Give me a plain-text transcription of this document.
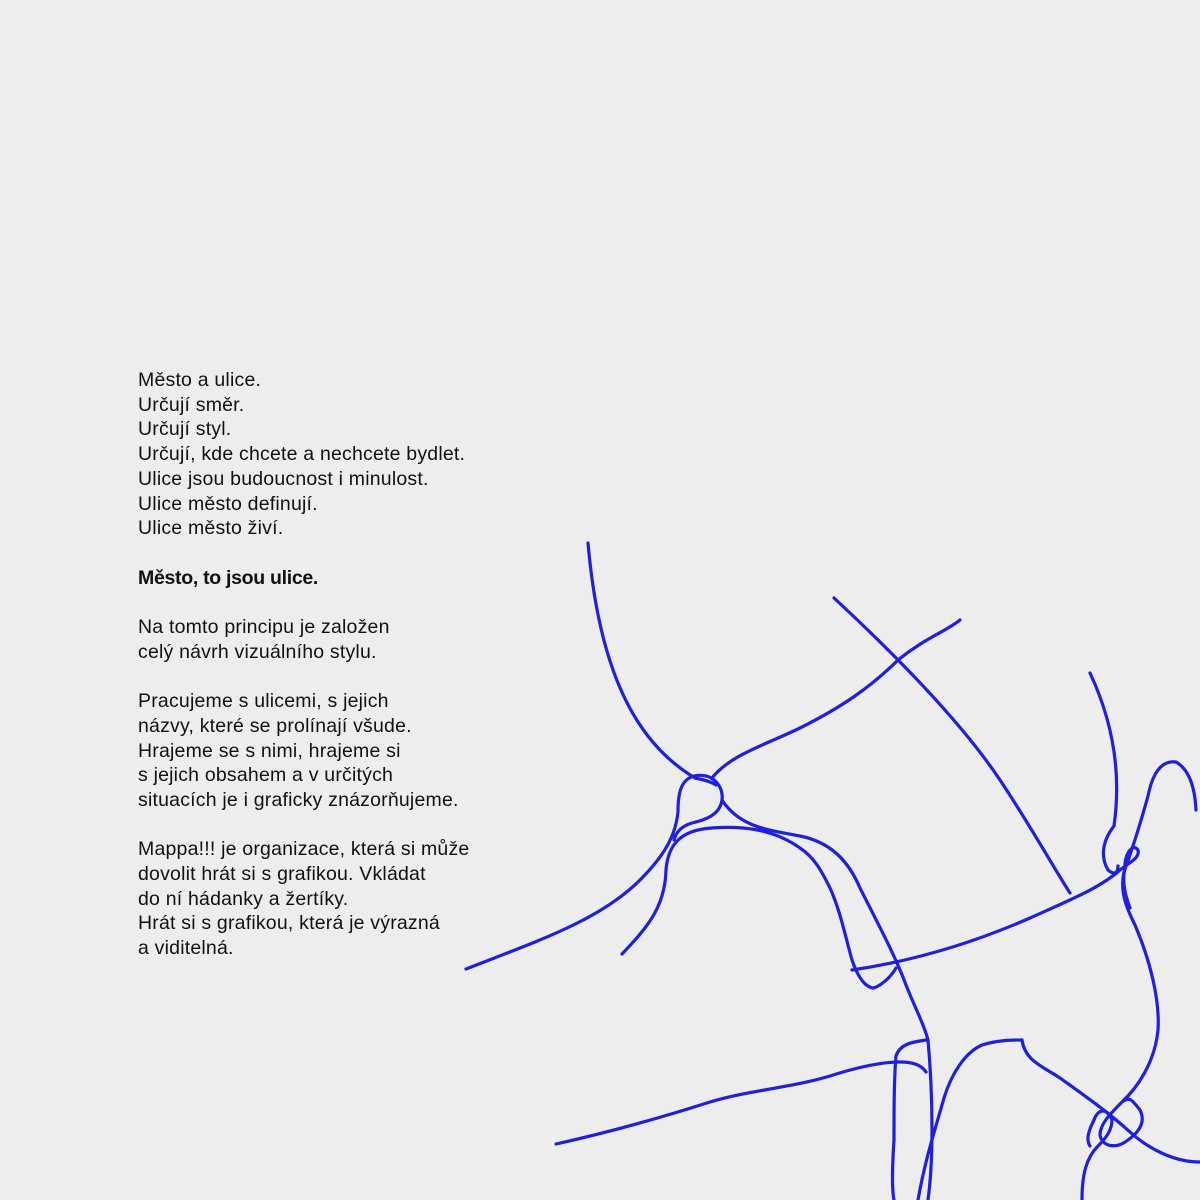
Město a ulice.
Určují směr.
Určují styl.
Určují, kde chcete a nechcete bydlet.
Ulice jsou budoucnost i minulost.
Ulice město definují.
Ulice město živí.
Město, to jsou ulice.
Na tomto principu je založen
celý návrh vizuálního stylu.
Pracujeme s ulicemi, s jejich
názvy, které se prolínají všude.
Hrajeme se s nimi, hrajeme si
s jejich obsahem a v určitých
situacích je i graficky znázorňujeme.
Mappa!!! je organizace, která si může
dovolit hrát si s grafikou. Vkládat
do ní hádanky a žertíky.
Hrát si s grafikou, která je výrazná
a viditelná.
